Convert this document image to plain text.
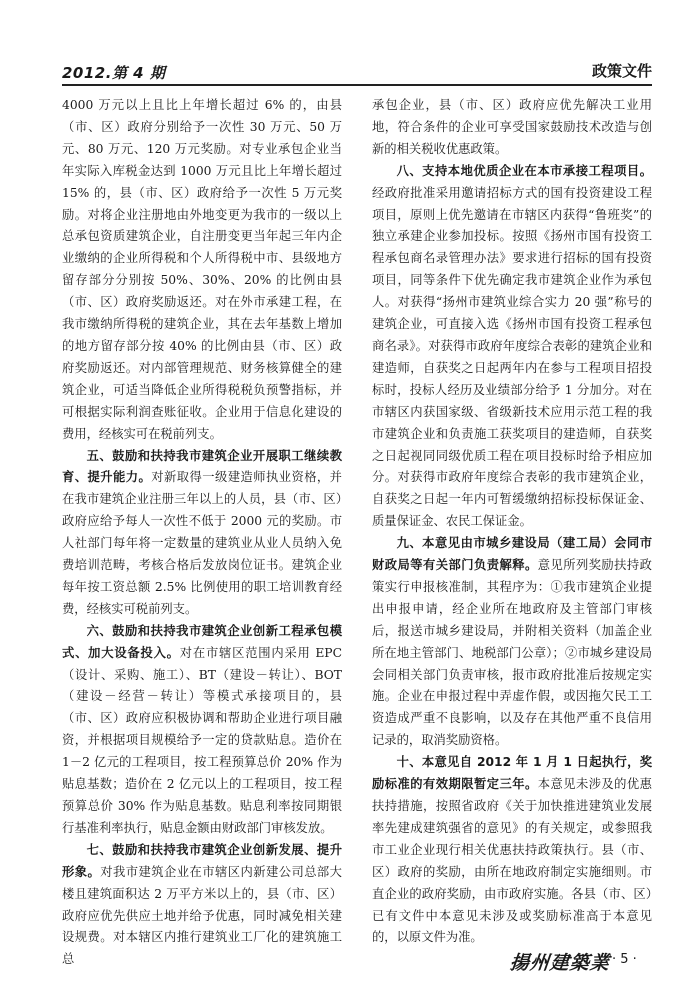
2012.第 4 期	政策文件

4000 万元以上且比上年增长超过 6% 的，由县（市、区）政府分别给予一次性 30 万元、50 万元、80 万元、120 万元奖励。对专业承包企业当年实际入库税金达到 1000 万元且比上年增长超过 15% 的，县（市、区）政府给予一次性 5 万元奖励。对将企业注册地由外地变更为我市的一级以上总承包资质建筑企业，自注册变更当年起三年内企业缴纳的企业所得税和个人所得税中市、县级地方留存部分分别按 50%、30%、20% 的比例由县（市、区）政府奖励返还。对在外市承建工程，在我市缴纳所得税的建筑企业，其在去年基数上增加的地方留存部分按 40% 的比例由县（市、区）政府奖励返还。对内部管理规范、财务核算健全的建筑企业，可适当降低企业所得税税负预警指标，并可根据实际利润查账征收。企业用于信息化建设的费用，经核实可在税前列支。

五、鼓励和扶持我市建筑企业开展职工继续教育、提升能力。对新取得一级建造师执业资格，并在我市建筑企业注册三年以上的人员，县（市、区）政府应给予每人一次性不低于 2000 元的奖励。市人社部门每年将一定数量的建筑业从业人员纳入免费培训范畴，考核合格后发放岗位证书。建筑企业每年按工资总额 2.5% 比例使用的职工培训教育经费，经核实可税前列支。

六、鼓励和扶持我市建筑企业创新工程承包模式、加大设备投入。对在市辖区范围内采用 EPC（设计、采购、施工）、BT（建设－转让）、BOT（建设－经营－转让）等模式承接项目的，县（市、区）政府应积极协调和帮助企业进行项目融资，并根据项目规模给予一定的贷款贴息。造价在 1－2 亿元的工程项目，按工程预算总价 20% 作为贴息基数；造价在 2 亿元以上的工程项目，按工程预算总价 30% 作为贴息基数。贴息利率按同期银行基准利率执行，贴息金额由财政部门审核发放。

七、鼓励和扶持我市建筑企业创新发展、提升形象。对我市建筑企业在市辖区内新建公司总部大楼且建筑面积达 2 万平方米以上的，县（市、区）政府应优先供应土地并给予优惠，同时减免相关建设规费。对本辖区内推行建筑业工厂化的建筑施工总

承包企业，县（市、区）政府应优先解决工业用地，符合条件的企业可享受国家鼓励技术改造与创新的相关税收优惠政策。

八、支持本地优质企业在本市承接工程项目。经政府批准采用邀请招标方式的国有投资建设工程项目，原则上优先邀请在市辖区内获得“鲁班奖”的独立承建企业参加投标。按照《扬州市国有投资工程承包商名录管理办法》要求进行招标的国有投资项目，同等条件下优先确定我市建筑企业作为承包人。对获得“扬州市建筑业综合实力 20 强”称号的建筑企业，可直接入选《扬州市国有投资工程承包商名录》。对获得市政府年度综合表彰的建筑企业和建造师，自获奖之日起两年内在参与工程项目招投标时，投标人经历及业绩部分给予 1 分加分。对在市辖区内获国家级、省级新技术应用示范工程的我市建筑企业和负责施工获奖项目的建造师，自获奖之日起视同同级优质工程在项目投标时给予相应加分。对获得市政府年度综合表彰的我市建筑企业，自获奖之日起一年内可暂缓缴纳招标投标保证金、质量保证金、农民工保证金。

九、本意见由市城乡建设局（建工局）会同市财政局等有关部门负责解释。意见所列奖励扶持政策实行申报核准制，其程序为：①我市建筑企业提出申报申请，经企业所在地政府及主管部门审核后，报送市城乡建设局，并附相关资料（加盖企业所在地主管部门、地税部门公章）；②市城乡建设局会同相关部门负责审核，报市政府批准后按规定实施。企业在申报过程中弄虚作假，或因拖欠民工工资造成严重不良影响，以及存在其他严重不良信用记录的，取消奖励资格。

十、本意见自 2012 年 1 月 1 日起执行，奖励标准的有效期限暂定三年。本意见未涉及的优惠扶持措施，按照省政府《关于加快推进建筑业发展率先建成建筑强省的意见》的有关规定，或参照我市工业企业现行相关优惠扶持政策执行。县（市、区）政府的奖励，由所在地政府制定实施细则。市直企业的政府奖励，由市政府实施。各县（市、区）已有文件中本意见未涉及或奖励标准高于本意见的，以原文件为准。

揚州建築業 · 5 ·
